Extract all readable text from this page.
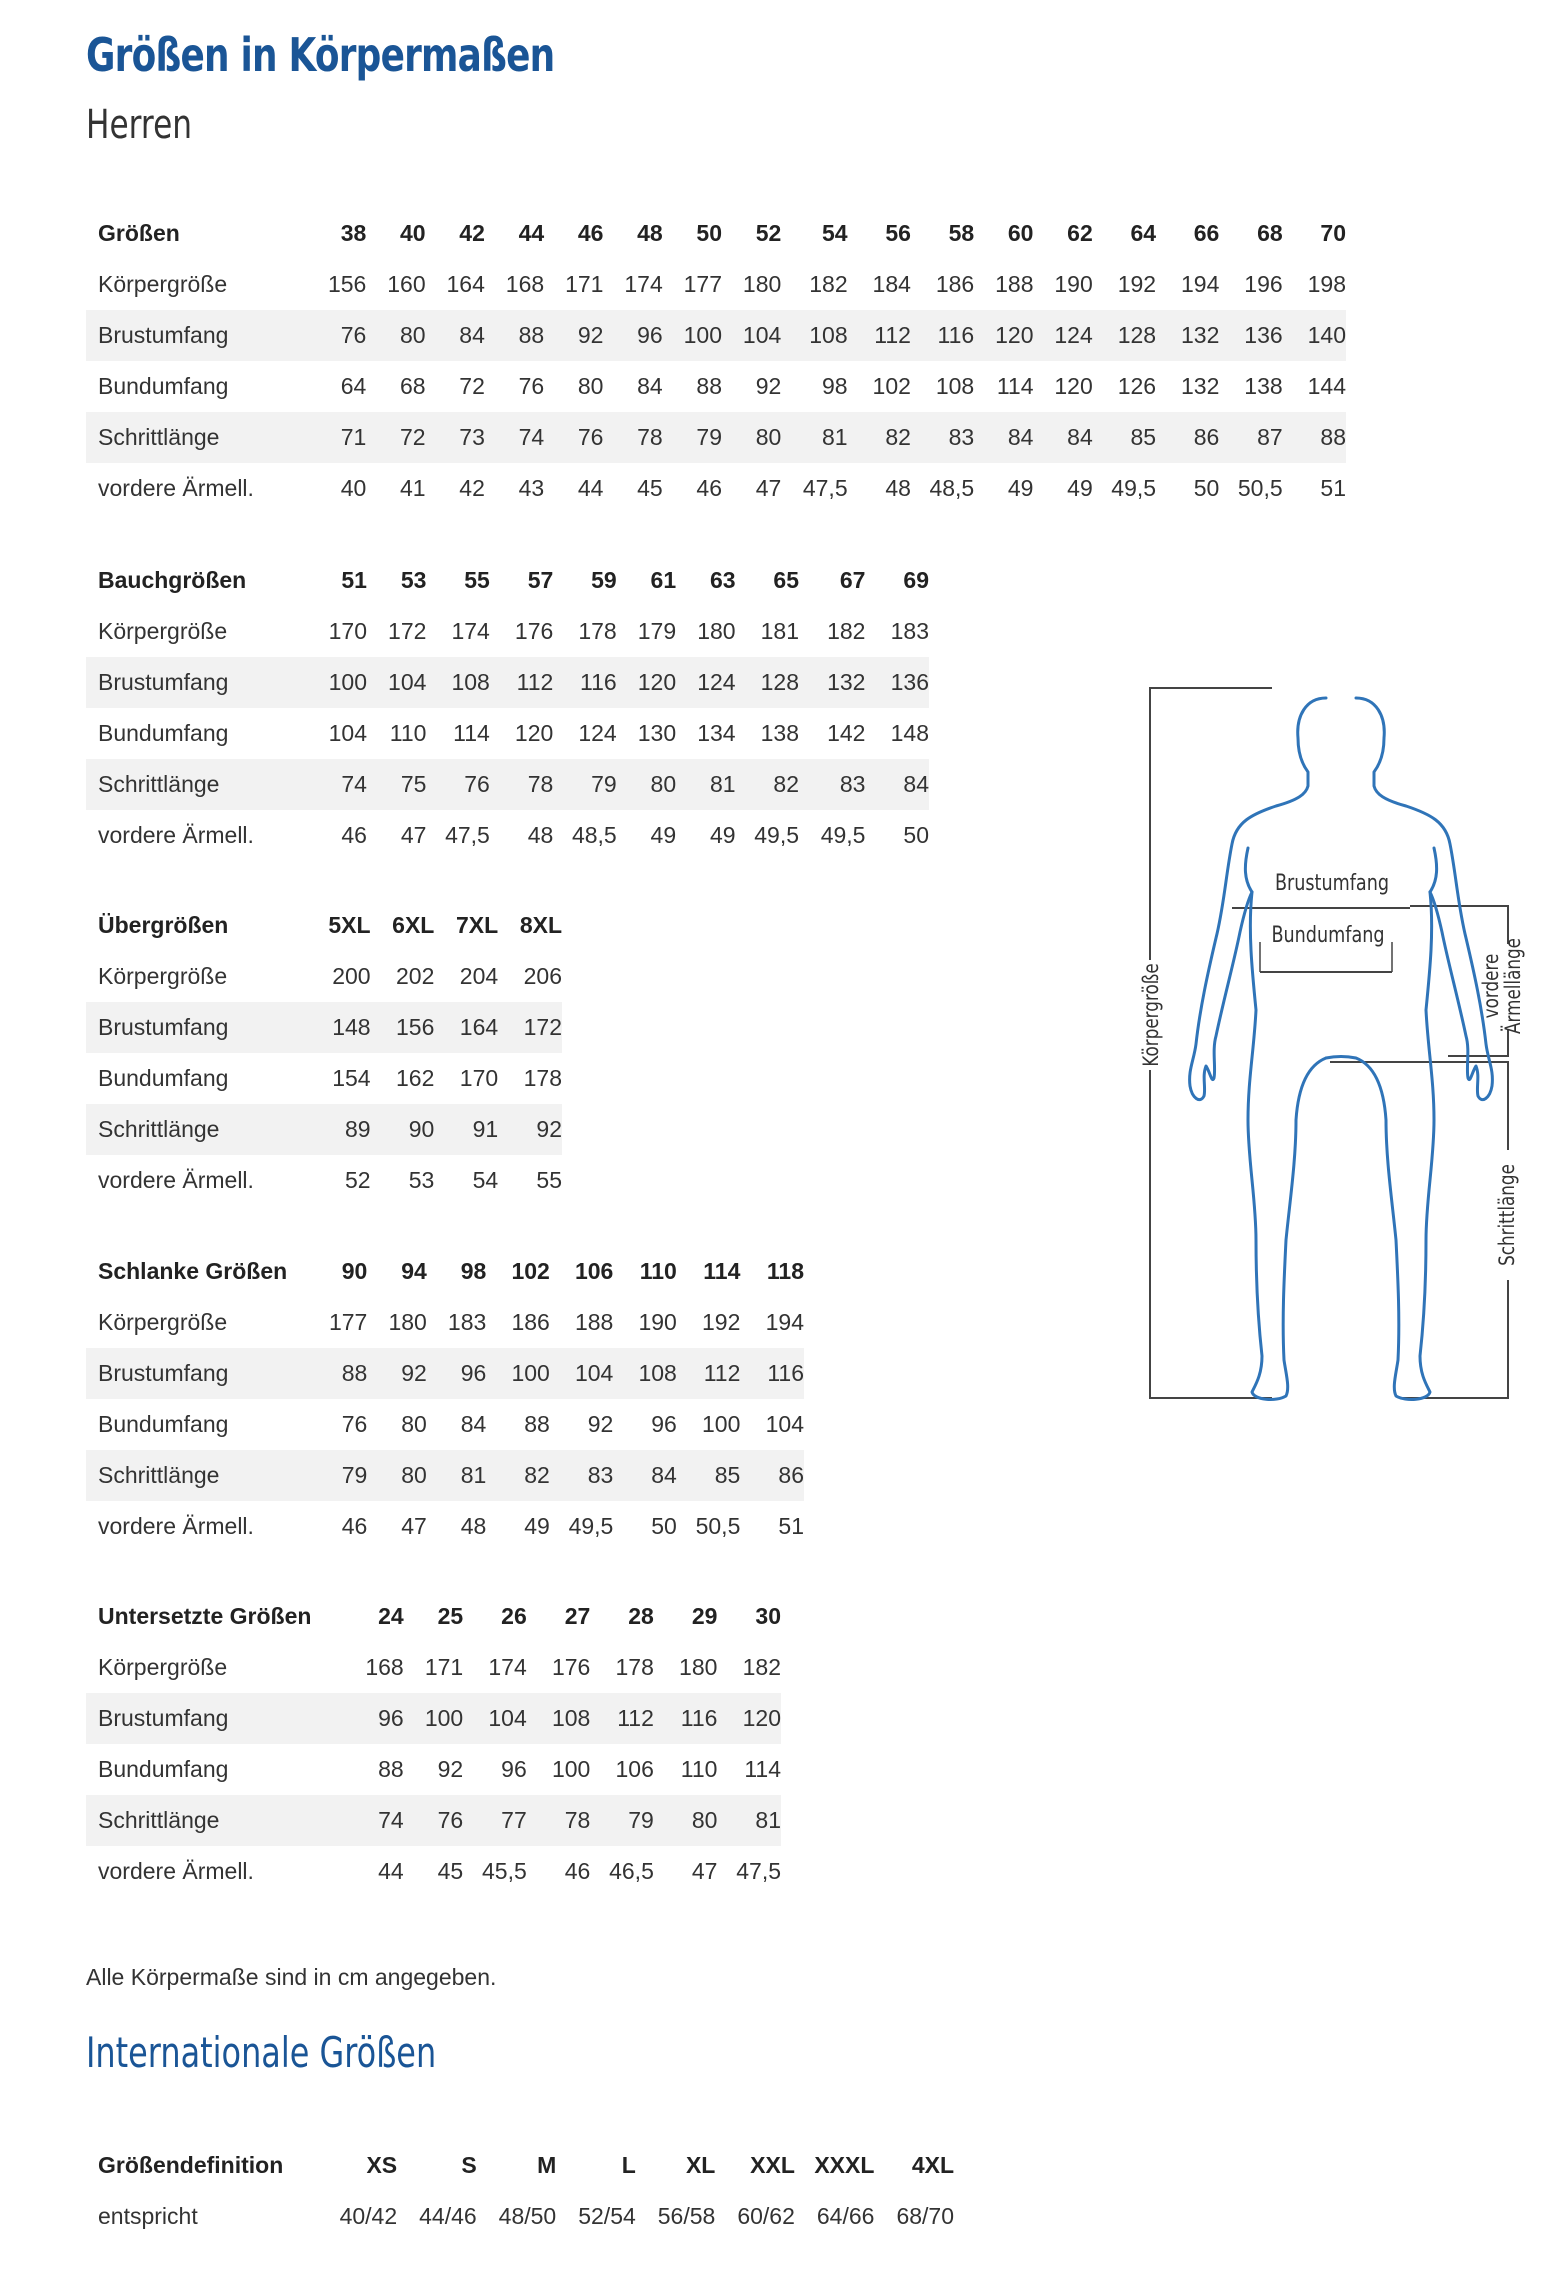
Größen in Körpermaßen
Herren
Größen	38	40	42	44	46	48	50	52	54	56	58	60	62	64	66	68	70
Körpergröße	156	160	164	168	171	174	177	180	182	184	186	188	190	192	194	196	198
Brustumfang	76	80	84	88	92	96	100	104	108	112	116	120	124	128	132	136	140
Bundumfang	64	68	72	76	80	84	88	92	98	102	108	114	120	126	132	138	144
Schrittlänge	71	72	73	74	76	78	79	80	81	82	83	84	84	85	86	87	88
vordere Ärmell.	40	41	42	43	44	45	46	47	47,5	48	48,5	49	49	49,5	50	50,5	51
Bauchgrößen	51	53	55	57	59	61	63	65	67	69
Körpergröße	170	172	174	176	178	179	180	181	182	183
Brustumfang	100	104	108	112	116	120	124	128	132	136
Bundumfang	104	110	114	120	124	130	134	138	142	148
Schrittlänge	74	75	76	78	79	80	81	82	83	84
vordere Ärmell.	46	47	47,5	48	48,5	49	49	49,5	49,5	50
Übergrößen	5XL	6XL	7XL	8XL
Körpergröße	200	202	204	206
Brustumfang	148	156	164	172
Bundumfang	154	162	170	178
Schrittlänge	89	90	91	92
vordere Ärmell.	52	53	54	55
Schlanke Größen	90	94	98	102	106	110	114	118
Körpergröße	177	180	183	186	188	190	192	194
Brustumfang	88	92	96	100	104	108	112	116
Bundumfang	76	80	84	88	92	96	100	104
Schrittlänge	79	80	81	82	83	84	85	86
vordere Ärmell.	46	47	48	49	49,5	50	50,5	51
Untersetzte Größen	24	25	26	27	28	29	30
Körpergröße	168	171	174	176	178	180	182
Brustumfang	96	100	104	108	112	116	120
Bundumfang	88	92	96	100	106	110	114
Schrittlänge	74	76	77	78	79	80	81
vordere Ärmell.	44	45	45,5	46	46,5	47	47,5

Alle Körpermaße sind in cm angegeben.

Internationale Größen
Größendefinition	XS	S	M	L	XL	XXL	XXXL	4XL
entspricht	40/42	44/46	48/50	52/54	56/58	60/62	64/66	68/70
Brustumfang
Bundumfang
Körpergröße	vordere
Ärmellänge
Schrittlänge
